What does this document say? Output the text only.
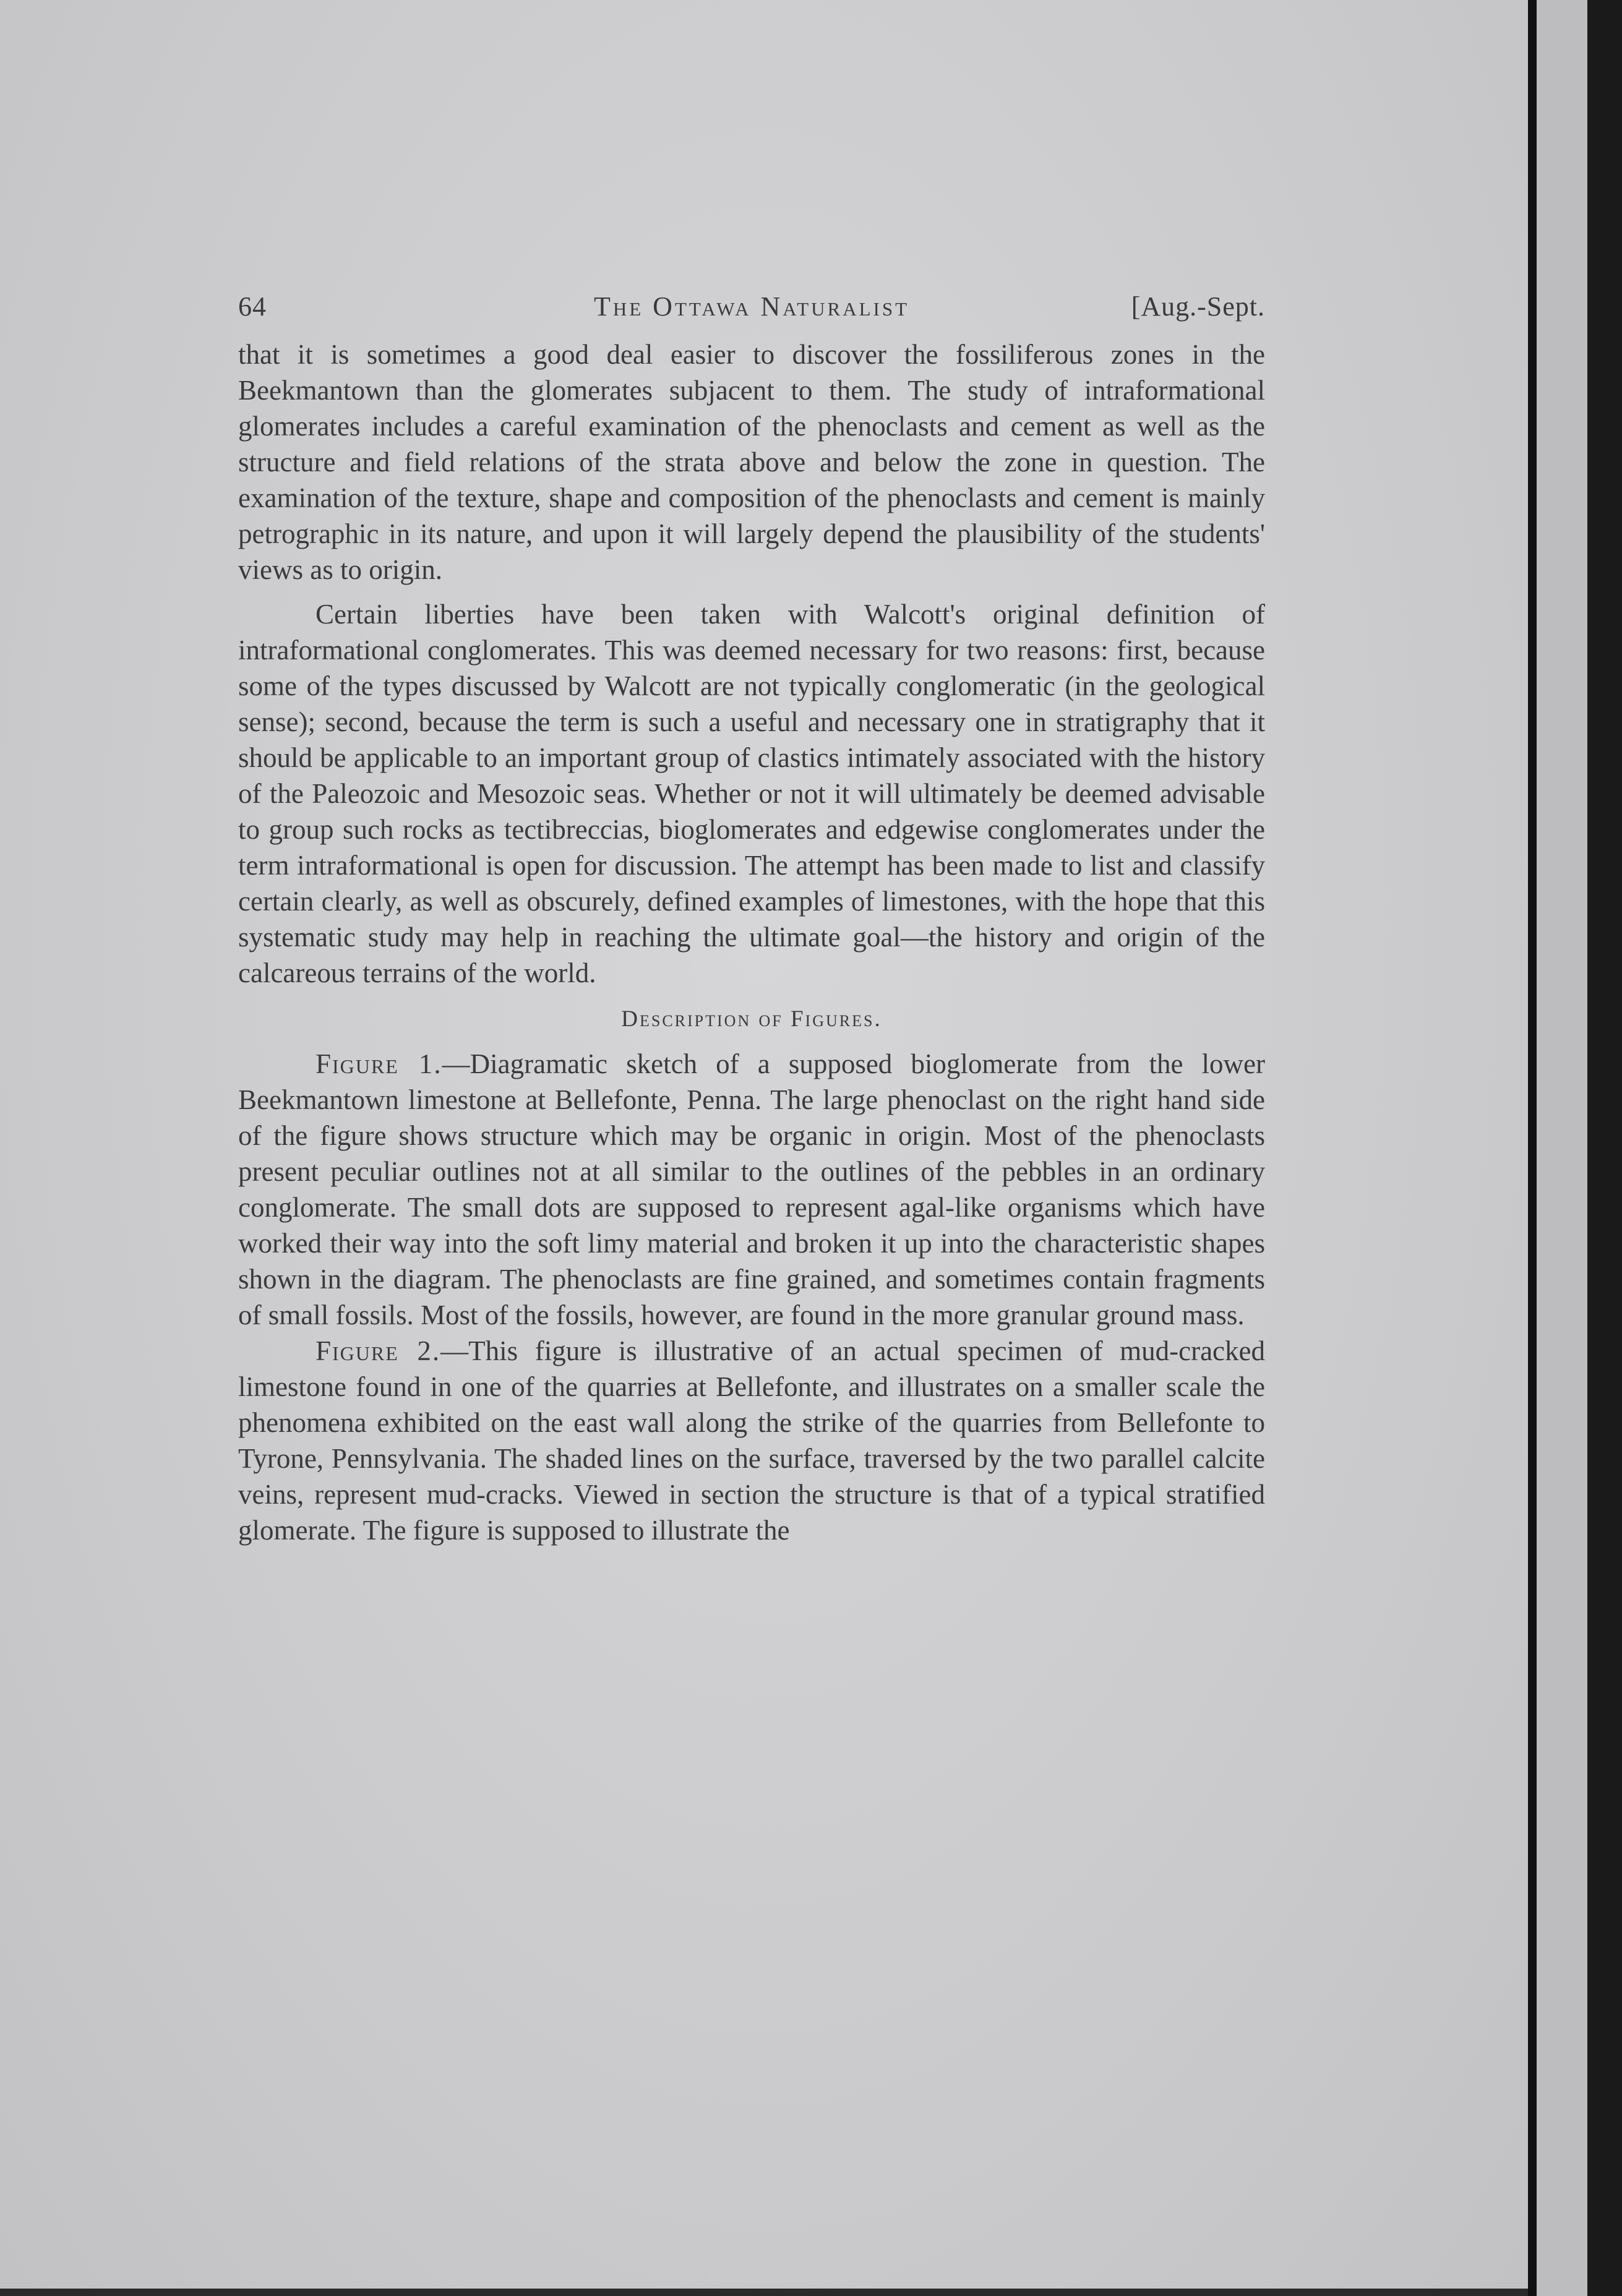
64	The Ottawa Naturalist	[Aug.-Sept.

that it is sometimes a good deal easier to discover the fossiliferous zones in the Beekmantown than the glomerates subjacent to them. The study of intraformational glomerates includes a careful examination of the phenoclasts and cement as well as the structure and field relations of the strata above and below the zone in question. The examination of the texture, shape and composition of the phenoclasts and cement is mainly petrographic in its nature, and upon it will largely depend the plausibility of the students' views as to origin.

Certain liberties have been taken with Walcott's original definition of intraformational conglomerates. This was deemed necessary for two reasons: first, because some of the types discussed by Walcott are not typically conglomeratic (in the geological sense); second, because the term is such a useful and necessary one in stratigraphy that it should be applicable to an important group of clastics intimately associated with the history of the Paleozoic and Mesozoic seas. Whether or not it will ultimately be deemed advisable to group such rocks as tectibreccias, bioglomerates and edgewise conglomerates under the term intraformational is open for discussion. The attempt has been made to list and classify certain clearly, as well as obscurely, defined examples of limestones, with the hope that this systematic study may help in reaching the ultimate goal—the history and origin of the calcareous terrains of the world.

Description of Figures.

Figure 1.—Diagramatic sketch of a supposed bioglomerate from the lower Beekmantown limestone at Bellefonte, Penna. The large phenoclast on the right hand side of the figure shows structure which may be organic in origin. Most of the phenoclasts present peculiar outlines not at all similar to the outlines of the pebbles in an ordinary conglomerate. The small dots are supposed to represent agal-like organisms which have worked their way into the soft limy material and broken it up into the characteristic shapes shown in the diagram. The phenoclasts are fine grained, and sometimes contain fragments of small fossils. Most of the fossils, however, are found in the more granular ground mass.

Figure 2.—This figure is illustrative of an actual specimen of mud-cracked limestone found in one of the quarries at Bellefonte, and illustrates on a smaller scale the phenomena exhibited on the east wall along the strike of the quarries from Bellefonte to Tyrone, Pennsylvania. The shaded lines on the surface, traversed by the two parallel calcite veins, represent mud-cracks. Viewed in section the structure is that of a typical stratified glomerate. The figure is supposed to illustrate the
